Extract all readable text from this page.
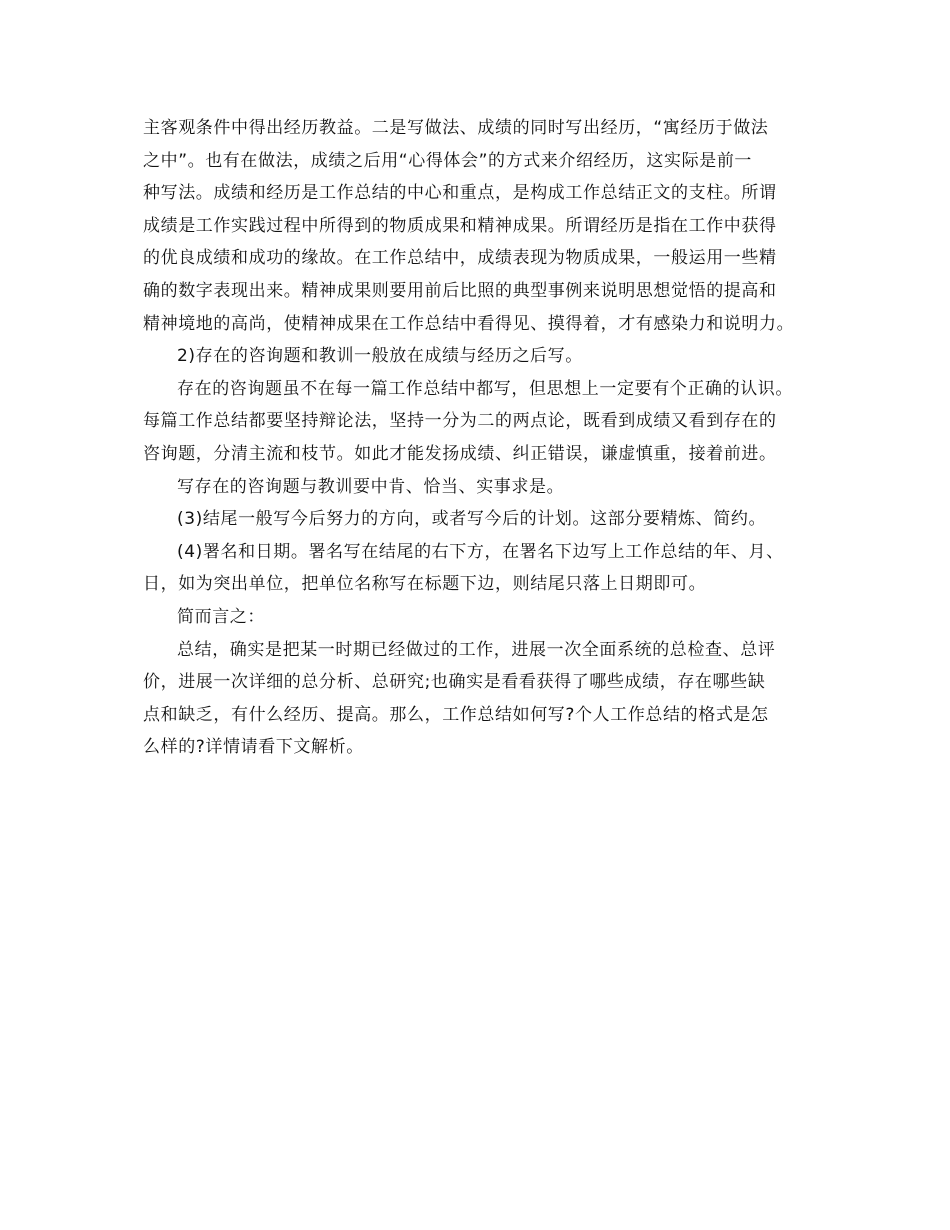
主客观条件中得出经历教益。二是写做法、成绩的同时写出经历，“寓经历于做法
之中”。也有在做法，成绩之后用“心得体会”的方式来介绍经历，这实际是前一
种写法。成绩和经历是工作总结的中心和重点，是构成工作总结正文的支柱。所谓
成绩是工作实践过程中所得到的物质成果和精神成果。所谓经历是指在工作中获得
的优良成绩和成功的缘故。在工作总结中，成绩表现为物质成果，一般运用一些精
确的数字表现出来。精神成果则要用前后比照的典型事例来说明思想觉悟的提高和
精神境地的高尚，使精神成果在工作总结中看得见、摸得着，才有感染力和说明力。
2)存在的咨询题和教训一般放在成绩与经历之后写。
存在的咨询题虽不在每一篇工作总结中都写，但思想上一定要有个正确的认识。
每篇工作总结都要坚持辩论法，坚持一分为二的两点论，既看到成绩又看到存在的
咨询题，分清主流和枝节。如此才能发扬成绩、纠正错误，谦虚慎重，接着前进。
写存在的咨询题与教训要中肯、恰当、实事求是。
(3)结尾一般写今后努力的方向，或者写今后的计划。这部分要精炼、简约。
(4)署名和日期。署名写在结尾的右下方，在署名下边写上工作总结的年、月、
日，如为突出单位，把单位名称写在标题下边，则结尾只落上日期即可。
简而言之：
总结，确实是把某一时期已经做过的工作，进展一次全面系统的总检查、总评
价，进展一次详细的总分析、总研究;也确实是看看获得了哪些成绩，存在哪些缺
点和缺乏，有什么经历、提高。那么，工作总结如何写?个人工作总结的格式是怎
么样的?详情请看下文解析。
